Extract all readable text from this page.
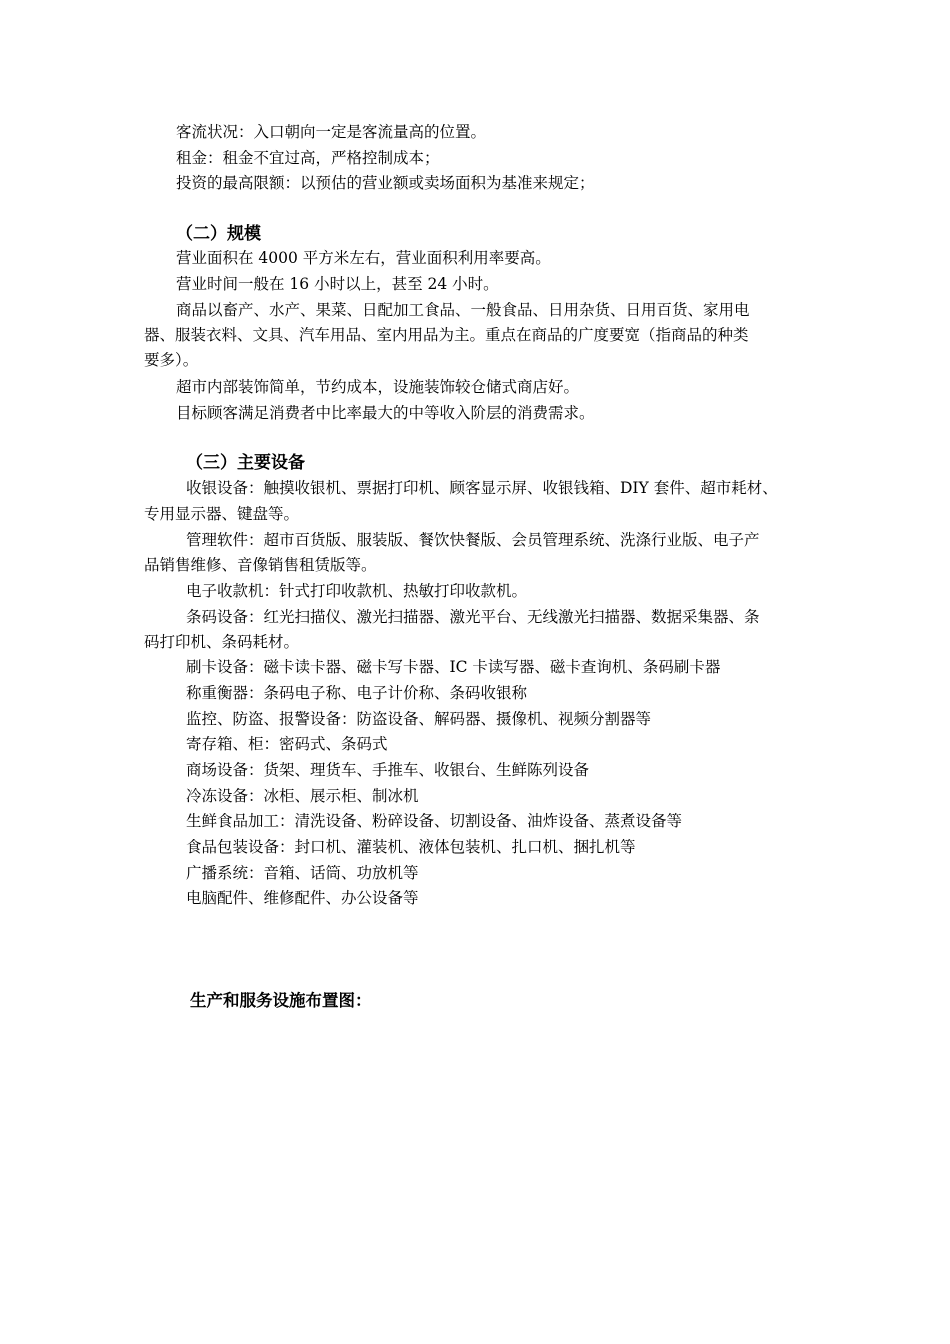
客流状况：入口朝向一定是客流量高的位置。
租金：租金不宜过高，严格控制成本；
投资的最高限额：以预估的营业额或卖场面积为基准来规定；
（二）规模
营业面积在 4000 平方米左右，营业面积利用率要高。
营业时间一般在 16 小时以上，甚至 24 小时。
商品以畜产、水产、果菜、日配加工食品、一般食品、日用杂货、日用百货、家用电
器、服装衣料、文具、汽车用品、室内用品为主。重点在商品的广度要宽（指商品的种类
要多）。
超市内部装饰简单，节约成本，设施装饰较仓储式商店好。
目标顾客满足消费者中比率最大的中等收入阶层的消费需求。
（三）主要设备
收银设备：触摸收银机、票据打印机、顾客显示屏、收银钱箱、DIY 套件、超市耗材、
专用显示器、键盘等。
管理软件：超市百货版、服装版、餐饮快餐版、会员管理系统、洗涤行业版、电子产
品销售维修、音像销售租赁版等。
电子收款机：针式打印收款机、热敏打印收款机。
条码设备：红光扫描仪、激光扫描器、激光平台、无线激光扫描器、数据采集器、条
码打印机、条码耗材。
刷卡设备：磁卡读卡器、磁卡写卡器、IC 卡读写器、磁卡查询机、条码刷卡器
称重衡器：条码电子称、电子计价称、条码收银称
监控、防盗、报警设备：防盗设备、解码器、摄像机、视频分割器等
寄存箱、柜：密码式、条码式
商场设备：货架、理货车、手推车、收银台、生鲜陈列设备
冷冻设备：冰柜、展示柜、制冰机
生鲜食品加工：清洗设备、粉碎设备、切割设备、油炸设备、蒸煮设备等
食品包装设备：封口机、灌装机、液体包装机、扎口机、捆扎机等
广播系统：音箱、话筒、功放机等
电脑配件、维修配件、办公设备等
生产和服务设施布置图：
